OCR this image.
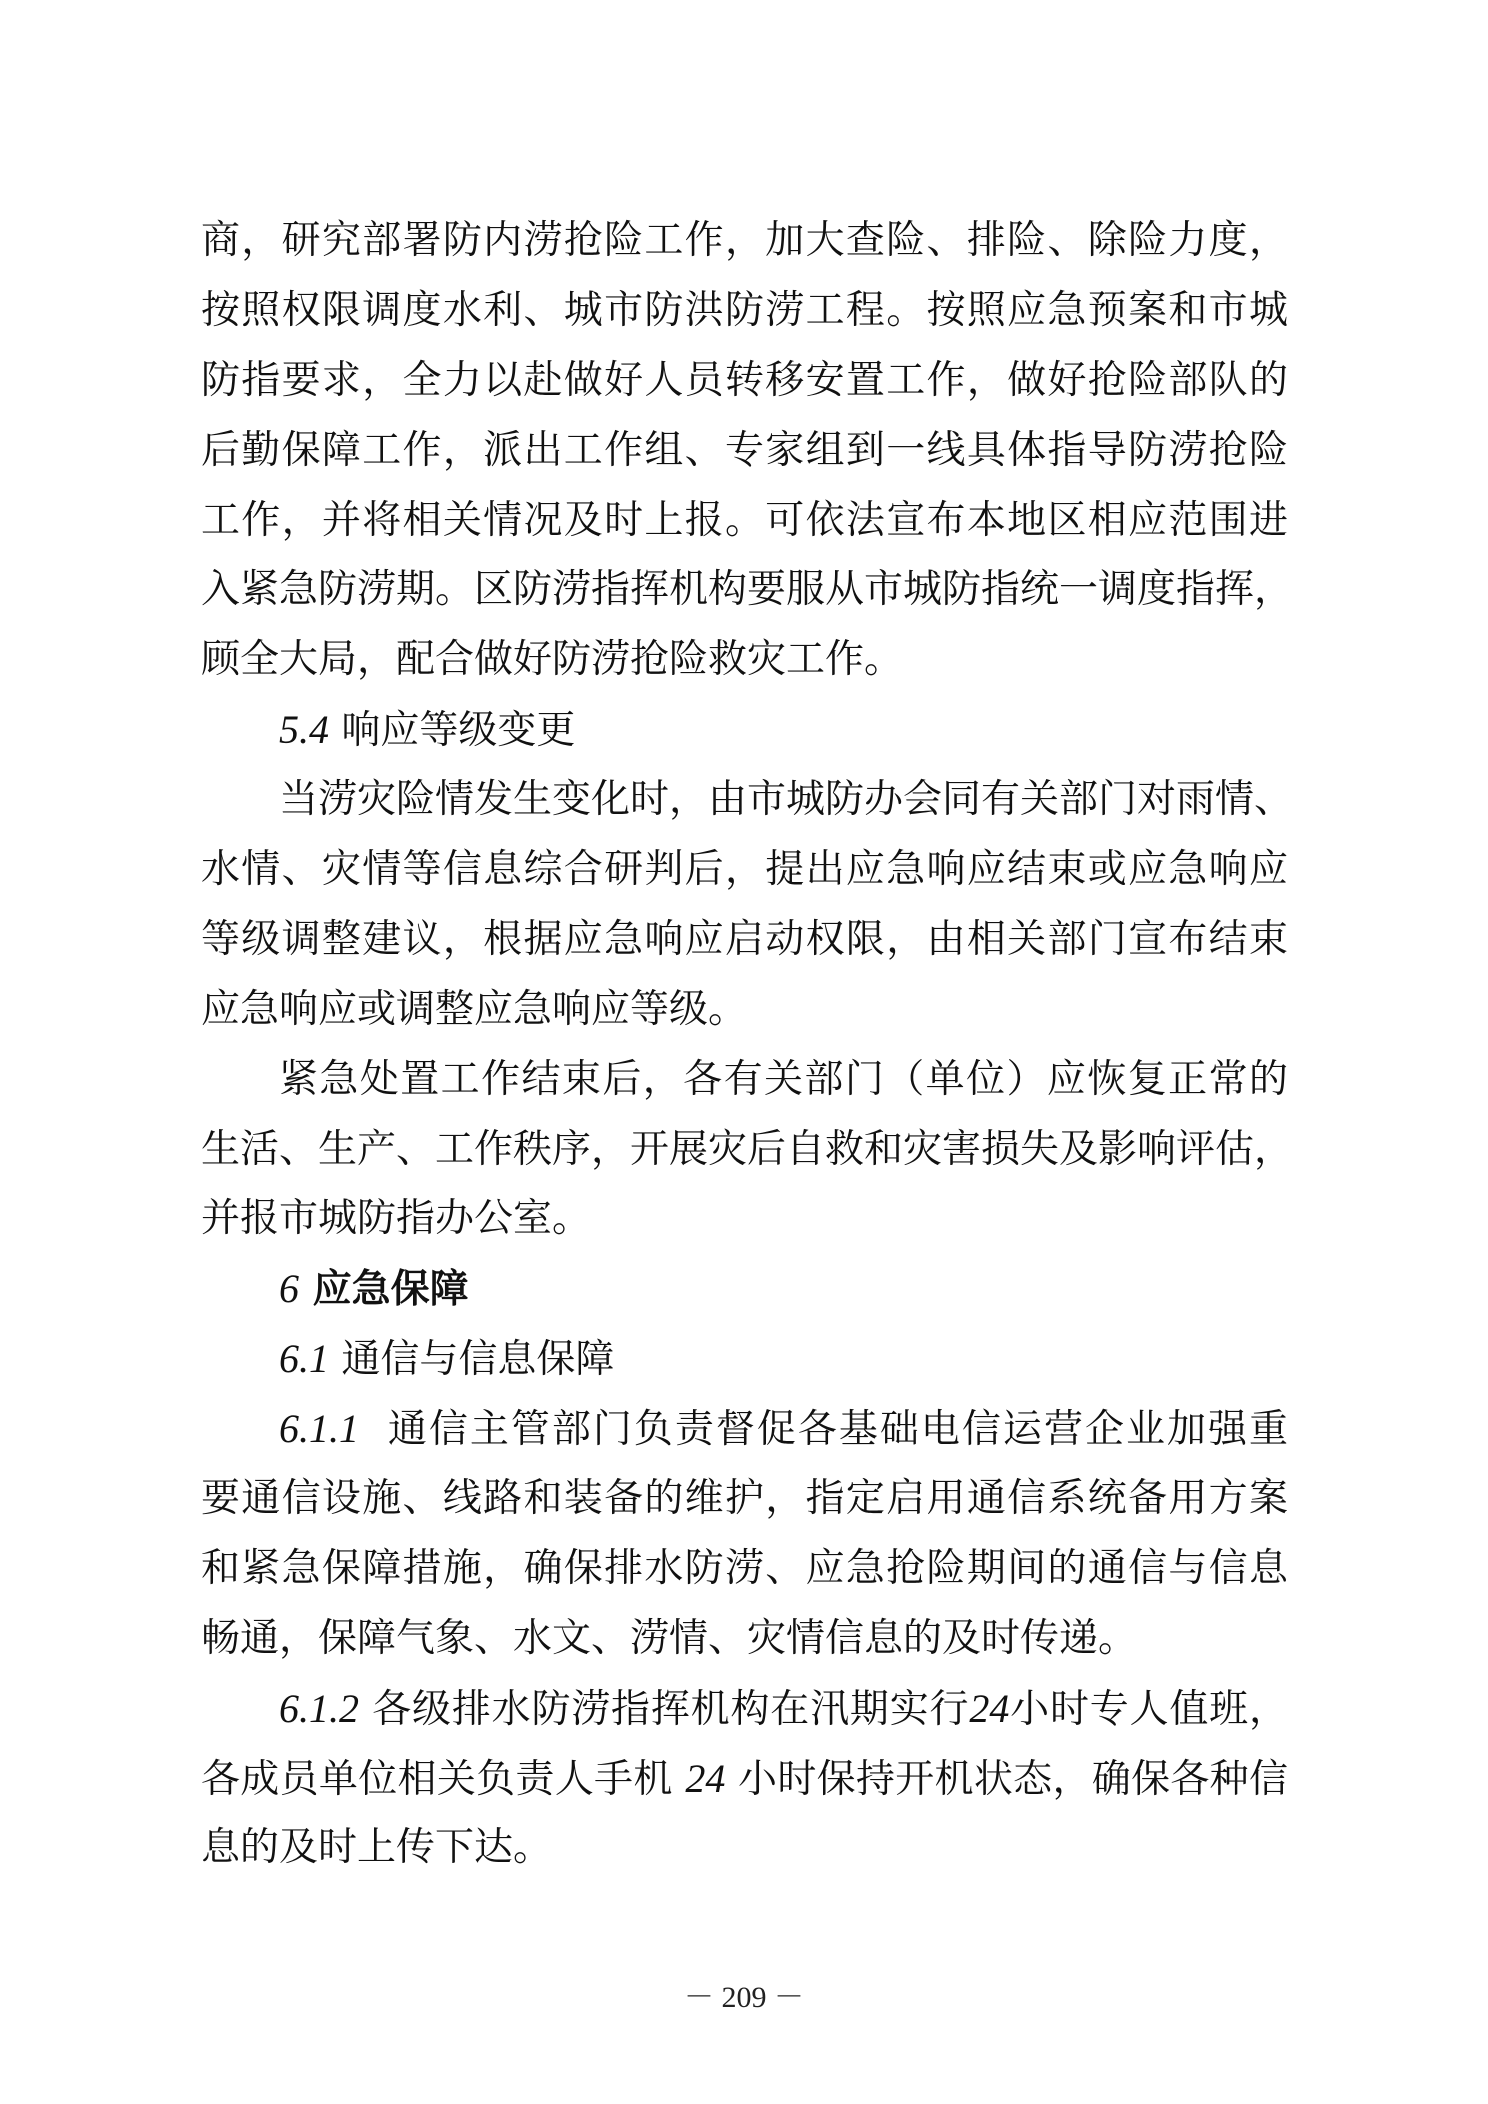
商，研究部署防内涝抢险工作，加大查险、排险、除险力度，
按照权限调度水利、城市防洪防涝工程。按照应急预案和市城
防指要求，全力以赴做好人员转移安置工作，做好抢险部队的
后勤保障工作，派出工作组、专家组到一线具体指导防涝抢险
工作，并将相关情况及时上报。可依法宣布本地区相应范围进
入紧急防涝期。区防涝指挥机构要服从市城防指统一调度指挥，
顾全大局，配合做好防涝抢险救灾工作。
5.4 响应等级变更
当涝灾险情发生变化时，由市城防办会同有关部门对雨情、
水情、灾情等信息综合研判后，提出应急响应结束或应急响应
等级调整建议，根据应急响应启动权限，由相关部门宣布结束
应急响应或调整应急响应等级。
紧急处置工作结束后，各有关部门（单位）应恢复正常的
生活、生产、工作秩序，开展灾后自救和灾害损失及影响评估，
并报市城防指办公室。
6 应急保障
6.1 通信与信息保障
6.1.1 通信主管部门负责督促各基础电信运营企业加强重
要通信设施、线路和装备的维护，指定启用通信系统备用方案
和紧急保障措施，确保排水防涝、应急抢险期间的通信与信息
畅通，保障气象、水文、涝情、灾情信息的及时传递。
6.1.2 各级排水防涝指挥机构在汛期实行24小时专人值班，
各成员单位相关负责人手机 24 小时保持开机状态，确保各种信
息的及时上传下达。
－ 209 －
